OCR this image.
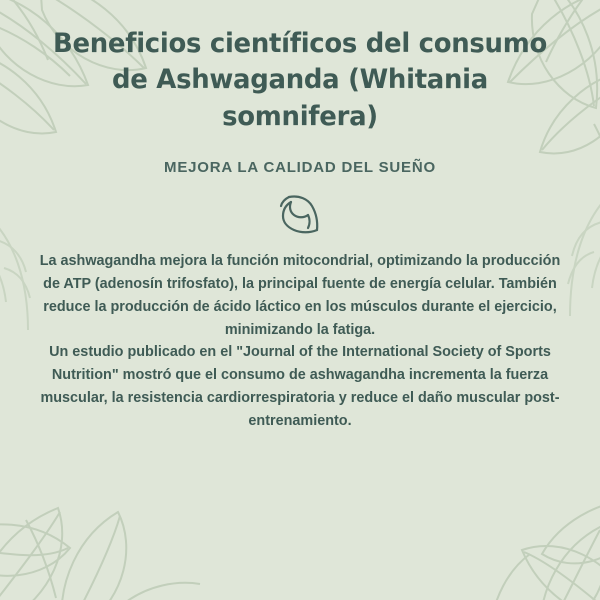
Beneficios científicos del consumo de Ashwaganda (Whitania somnifera)
MEJORA LA CALIDAD DEL SUEÑO
La ashwagandha mejora la función mitocondrial, optimizando la producción de ATP (adenosín trifosfato), la principal fuente de energía celular. También reduce la producción de ácido láctico en los músculos durante el ejercicio, minimizando la fatiga.
Un estudio publicado en el "Journal of the International Society of Sports Nutrition" mostró que el consumo de ashwagandha incrementa la fuerza muscular, la resistencia cardiorrespiratoria y reduce el daño muscular post-entrenamiento.
